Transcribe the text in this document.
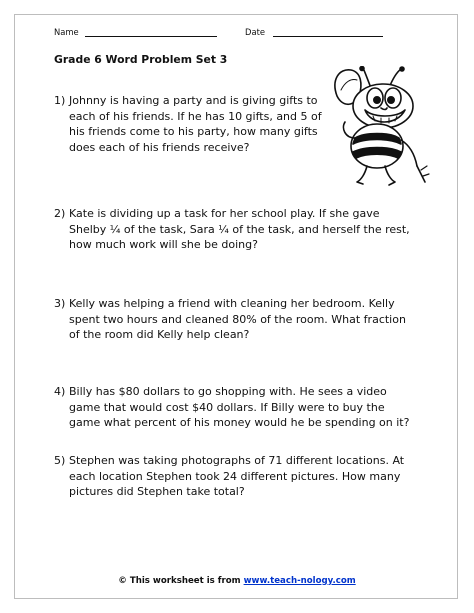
Name	Date
Grade 6 Word Problem Set 3
1) Johnny is having a party and is giving gifts to
each of his friends. If he has 10 gifts, and 5 of
his friends come to his party, how many gifts
does each of his friends receive?
2) Kate is dividing up a task for her school play. If she gave
Shelby ¼ of the task, Sara ¼ of the task, and herself the rest,
how much work will she be doing?
3) Kelly was helping a friend with cleaning her bedroom. Kelly
spent two hours and cleaned 80% of the room. What fraction
of the room did Kelly help clean?
4) Billy has $80 dollars to go shopping with. He sees a video
game that would cost $40 dollars. If Billy were to buy the
game what percent of his money would he be spending on it?
5) Stephen was taking photographs of 71 different locations. At
each location Stephen took 24 different pictures. How many
pictures did Stephen take total?
© This worksheet is from www.teach-nology.com
